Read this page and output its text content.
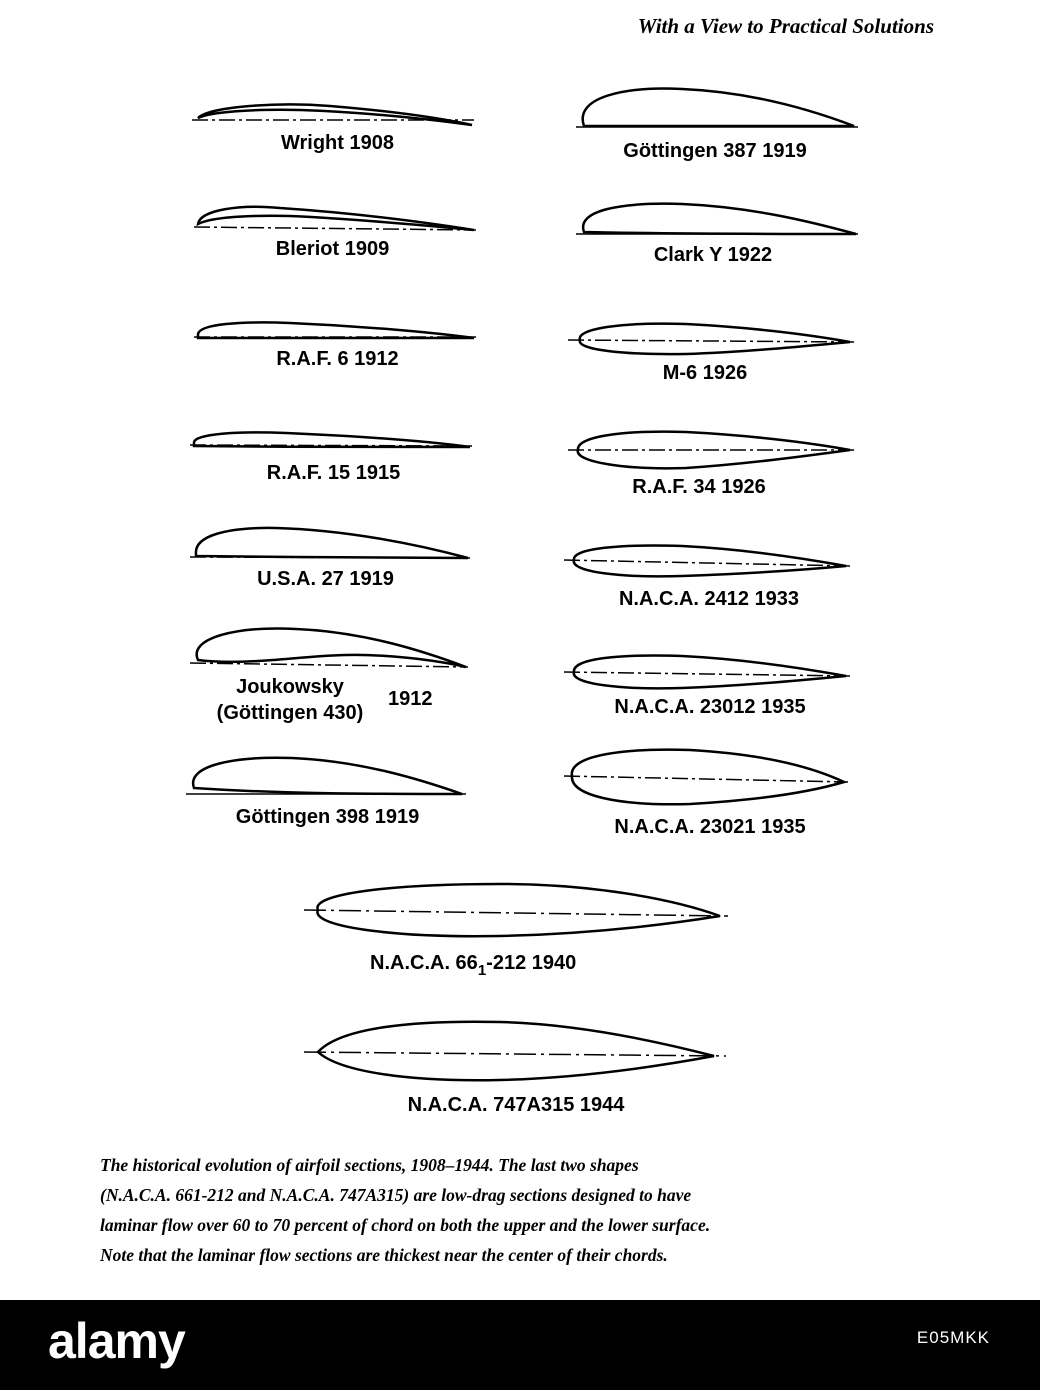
With a View to Practical Solutions
Wright 1908
Bleriot 1909
R.A.F. 6 1912
R.A.F. 15 1915
U.S.A. 27 1919
Joukowsky
(Göttingen 430)
1912
Göttingen 398 1919
Göttingen 387 1919
Clark Y 1922
M-6 1926
R.A.F. 34 1926
N.A.C.A. 2412 1933
N.A.C.A. 23012 1935
N.A.C.A. 23021 1935
N.A.C.A. $66_1-212$ 1940
N.A.C.A. 747A315 1944

The historical evolution of airfoil sections, 1908–1944. The last two shapes

(N.A.C.A. 661-212 and N.A.C.A. 747A315) are low-drag sections designed to have

laminar flow over 60 to 70 percent of chord on both the upper and the lower surface.

Note that the laminar flow sections are thickest near the center of their chords.

alamy	E05MKK
